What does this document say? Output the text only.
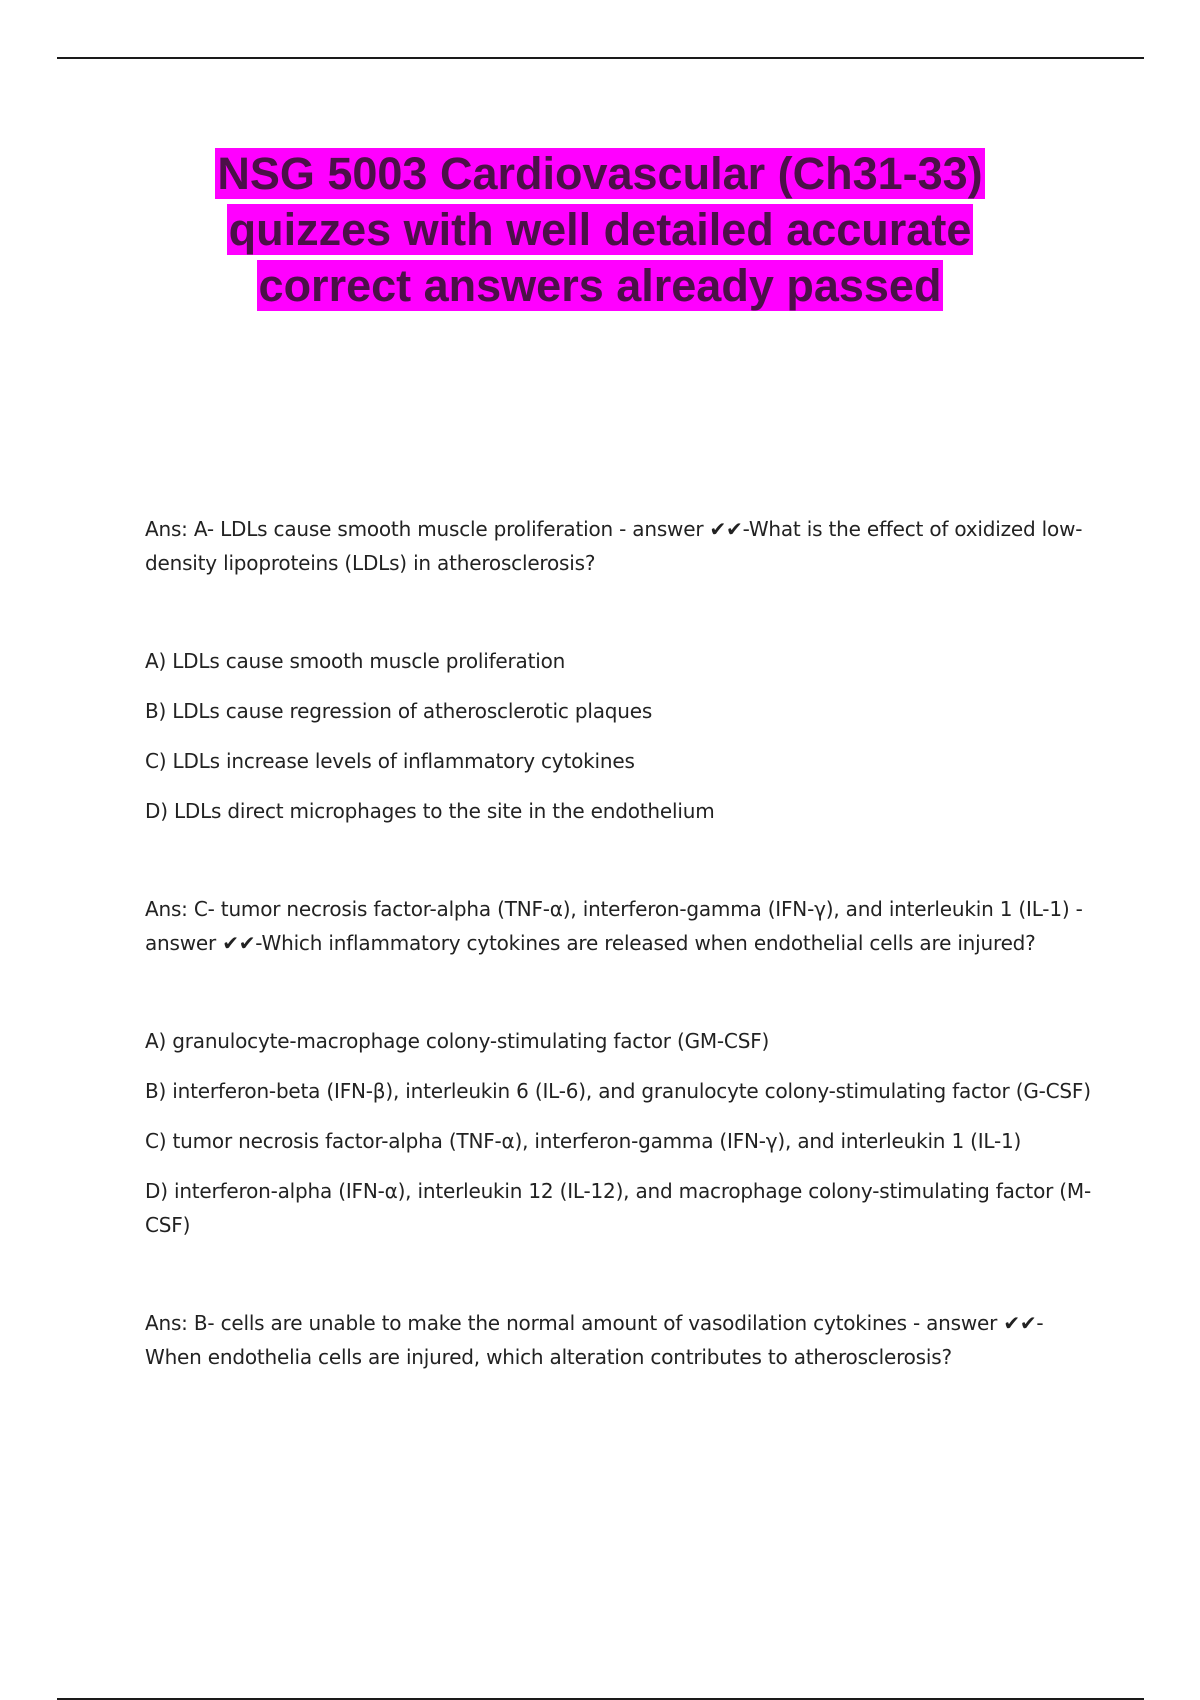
NSG 5003 Cardiovascular (Ch31-33) quizzes with well detailed accurate correct answers already passed

Ans: A- LDLs cause smooth muscle proliferation - answer ✔✔-What is the effect of oxidized low-density lipoproteins (LDLs) in atherosclerosis?

A) LDLs cause smooth muscle proliferation

B) LDLs cause regression of atherosclerotic plaques

C) LDLs increase levels of inflammatory cytokines

D) LDLs direct microphages to the site in the endothelium

Ans: C- tumor necrosis factor-alpha (TNF-α), interferon-gamma (IFN-γ), and interleukin 1 (IL-1) - answer ✔✔-Which inflammatory cytokines are released when endothelial cells are injured?

A) granulocyte-macrophage colony-stimulating factor (GM-CSF)

B) interferon-beta (IFN-β), interleukin 6 (IL-6), and granulocyte colony-stimulating factor (G-CSF)

C) tumor necrosis factor-alpha (TNF-α), interferon-gamma (IFN-γ), and interleukin 1 (IL-1)

D) interferon-alpha (IFN-α), interleukin 12 (IL-12), and macrophage colony-stimulating factor (M-CSF)

Ans: B- cells are unable to make the normal amount of vasodilation cytokines - answer ✔✔-When endothelia cells are injured, which alteration contributes to atherosclerosis?
